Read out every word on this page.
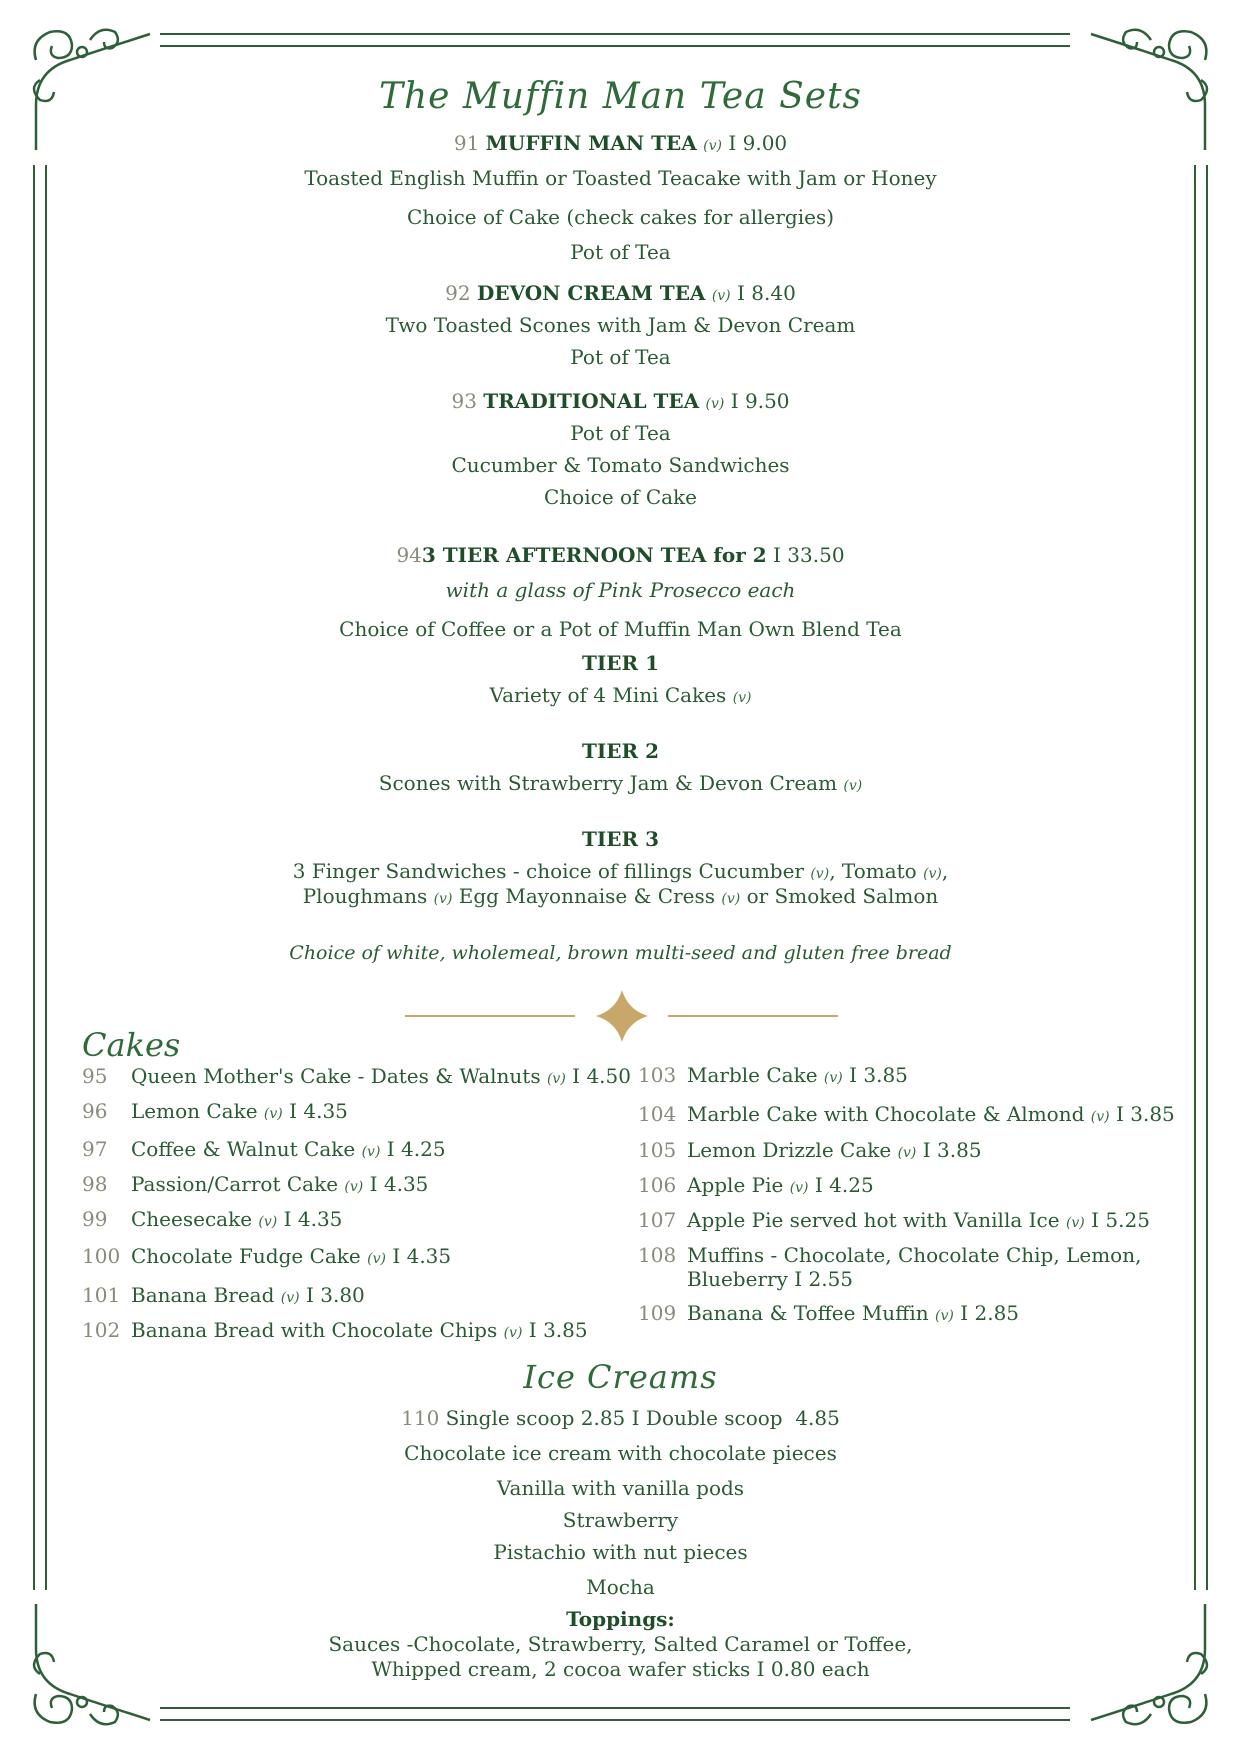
The Muffin Man Tea Sets
91 MUFFIN MAN TEA (v) I 9.00
Toasted English Muffin or Toasted Teacake with Jam or Honey
Choice of Cake (check cakes for allergies)
Pot of Tea
92 DEVON CREAM TEA (v) I 8.40
Two Toasted Scones with Jam & Devon Cream
Pot of Tea
93 TRADITIONAL TEA (v) I 9.50
Pot of Tea
Cucumber & Tomato Sandwiches
Choice of Cake
943 TIER AFTERNOON TEA for 2 I 33.50
with a glass of Pink Prosecco each
Choice of Coffee or a Pot of Muffin Man Own Blend Tea
TIER 1
Variety of 4 Mini Cakes (v)
TIER 2
Scones with Strawberry Jam & Devon Cream (v)
TIER 3
3 Finger Sandwiches - choice of fillings Cucumber (v), Tomato (v),
Ploughmans (v) Egg Mayonnaise & Cress (v) or Smoked Salmon
Choice of white, wholemeal, brown multi-seed and gluten free bread
Cakes
95 Queen Mother's Cake - Dates & Walnuts (v) I 4.50
96 Lemon Cake (v) I 4.35
97 Coffee & Walnut Cake (v) I 4.25
98 Passion/Carrot Cake (v) I 4.35
99 Cheesecake (v) I 4.35
100 Chocolate Fudge Cake (v) I 4.35
101 Banana Bread (v) I 3.80
102 Banana Bread with Chocolate Chips (v) I 3.85
103 Marble Cake (v) I 3.85
104 Marble Cake with Chocolate & Almond (v) I 3.85
105 Lemon Drizzle Cake (v) I 3.85
106 Apple Pie (v) I 4.25
107 Apple Pie served hot with Vanilla Ice (v) I 5.25
108 Muffins - Chocolate, Chocolate Chip, Lemon,
Blueberry I 2.55
109 Banana & Toffee Muffin (v) I 2.85
Ice Creams
110 Single scoop 2.85 I Double scoop 4.85
Chocolate ice cream with chocolate pieces
Vanilla with vanilla pods
Strawberry
Pistachio with nut pieces
Mocha
Toppings:
Sauces -Chocolate, Strawberry, Salted Caramel or Toffee,
Whipped cream, 2 cocoa wafer sticks I 0.80 each
